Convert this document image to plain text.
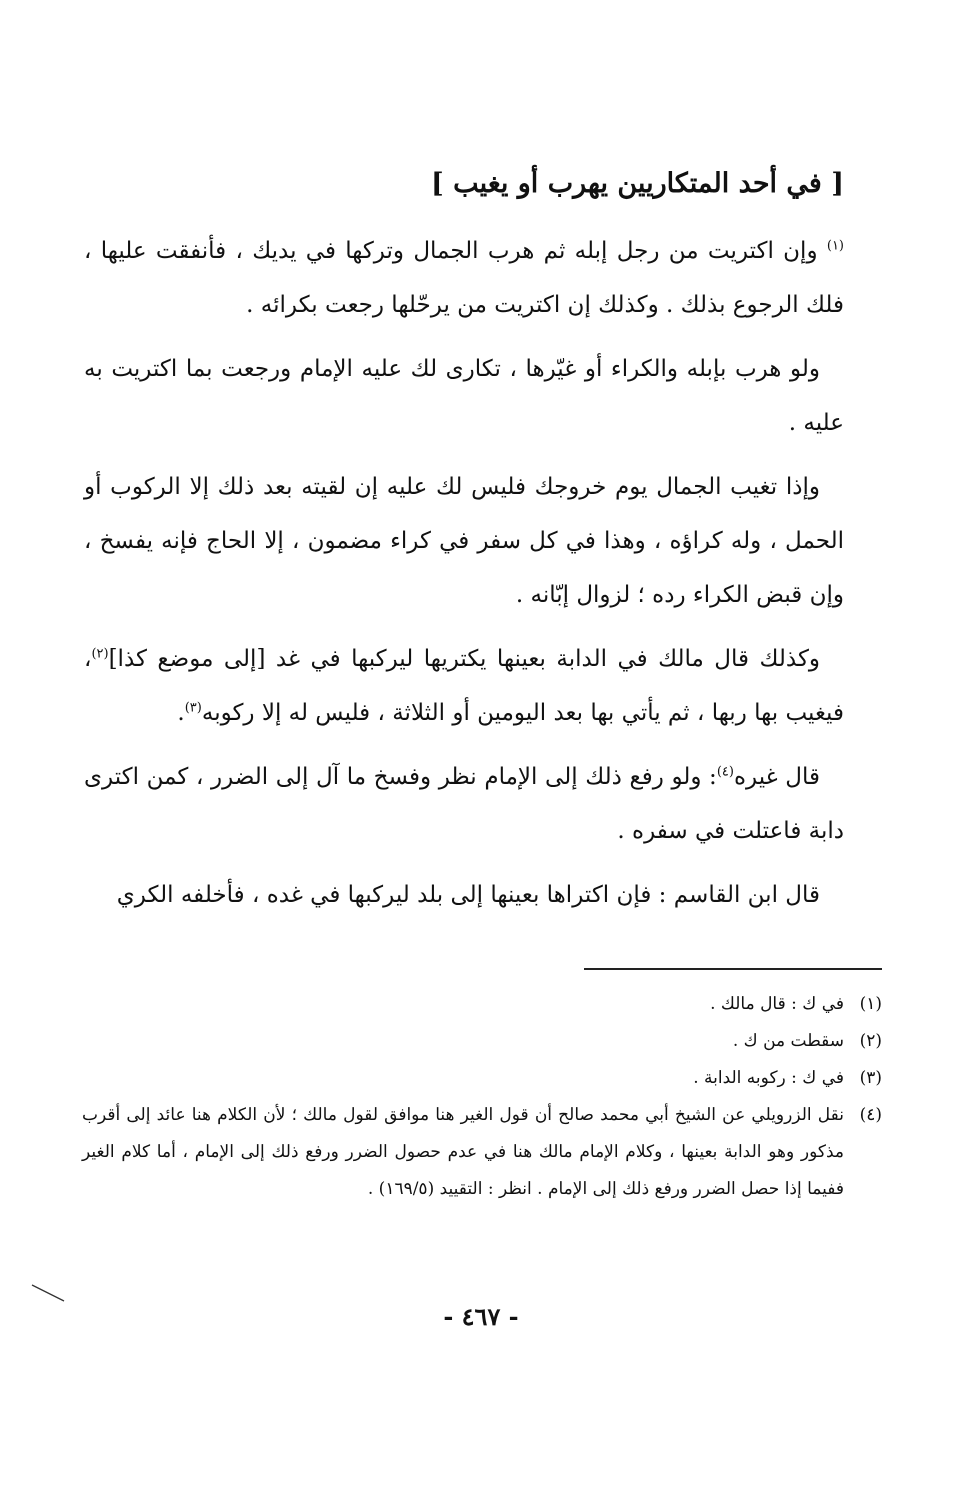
[ في أحد المتكاريين يهرب أو يغيب ]

$^{(١)}$ وإن اكتريت من رجل إبله ثم هرب الجمال وتركها في يديك ، فأنفقت عليها ، فلك الرجوع بذلك . وكذلك إن اكتريت من يرحّلها رجعت بكرائه .

ولو هرب بإبله والكراء أو غيّرها ، تكارى لك عليه الإمام ورجعت بما اكتريت به عليه .

وإذا تغيب الجمال يوم خروجك فليس لك عليه إن لقيته بعد ذلك إلا الركوب أو الحمل ، وله كراؤه ، وهذا في كل سفر في كراء مضمون ، إلا الحاج فإنه يفسخ ، وإن قبض الكراء رده ؛ لزوال إبّانه .

وكذلك قال مالك في الدابة بعينها يكتريها ليركبها في غد [إلى موضع كذا]$^{(٢)}$، فيغيب بها ربها ، ثم يأتي بها بعد اليومين أو الثلاثة ، فليس له إلا ركوبه$^{(٣)}$.

قال غيره$^{(٤)}$: ولو رفع ذلك إلى الإمام نظر وفسخ ما آل إلى الضرر ، كمن اكترى دابة فاعتلت في سفره .

قال ابن القاسم : فإن اكتراها بعينها إلى بلد ليركبها في غده ، فأخلفه الكري

(١)
في ك : قال مالك .
(٢)
سقطت من ك .
(٣)
في ك : ركوبه الدابة .
(٤)
نقل الزرويلي عن الشيخ أبي محمد صالح أن قول الغير هنا موافق لقول مالك ؛ لأن الكلام هنا عائد إلى أقرب مذكور وهو الدابة بعينها ، وكلام الإمام مالك هنا في عدم حصول الضرر ورفع ذلك إلى الإمام ، أما كلام الغير ففيما إذا حصل الضرر ورفع ذلك إلى الإمام . انظر : التقييد (١٦٩/٥) .
- ٤٦٧ -
